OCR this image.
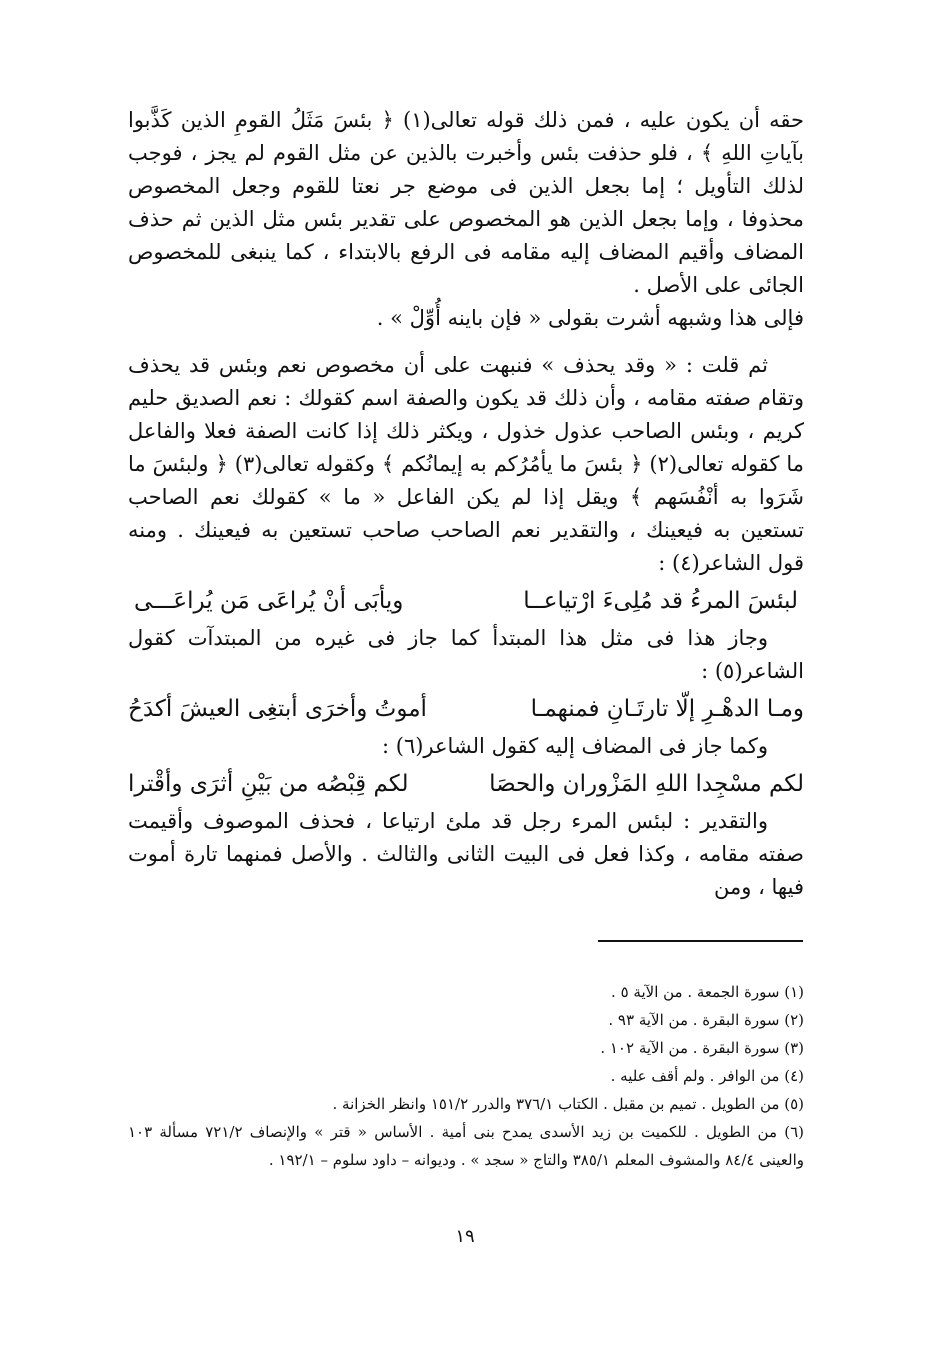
حقه أن يكون عليه ، فمن ذلك قوله تعالى(١) ﴿ بئسَ مَثَلُ القومِ الذين كَذَّبوا بآياتِ اللهِ ﴾ ، فلو حذفت بئس وأخبرت بالذين عن مثل القوم لم يجز ، فوجب لذلك التأويل ؛ إما بجعل الذين فى موضع جر نعتا للقوم وجعل المخصوص محذوفا ، وإما بجعل الذين هو المخصوص على تقدير بئس مثل الذين ثم حذف المضاف وأقيم المضاف إليه مقامه فى الرفع بالابتداء ، كما ينبغى للمخصوص الجائى على الأصل .

فإلى هذا وشبهه أشرت بقولى « فإن باينه أُوِّلْ » .

ثم قلت : « وقد يحذف » فنبهت على أن مخصوص نعم وبئس قد يحذف وتقام صفته مقامه ، وأن ذلك قد يكون والصفة اسم كقولك : نعم الصديق حليم كريم ، وبئس الصاحب عذول خذول ، ويكثر ذلك إذا كانت الصفة فعلا والفاعل ما كقوله تعالى(٢) ﴿ بئسَ ما يأمُرُكم به إيمانُكم ﴾ وكقوله تعالى(٣) ﴿ ولبئسَ ما شَرَوا به أنْفُسَهم ﴾ ويقل إذا لم يكن الفاعل « ما » كقولك نعم الصاحب تستعين به فيعينك ، والتقدير نعم الصاحب صاحب تستعين به فيعينك . ومنه قول الشاعر(٤) :

لبئسَ المرءُ قد مُلِىءَ ارْتياعــا
ويأبَى أنْ يُراعَى مَن يُراعَـــى

وجاز هذا فى مثل هذا المبتدأ كما جاز فى غيره من المبتدآت كقول الشاعر(٥) :

ومـا الدهْـرِ إلّا تارتَـانِ فمنهمـا
أموتُ وأخرَى أبتغِى العيشَ أكدَحُ

وكما جاز فى المضاف إليه كقول الشاعر(٦) :

لكم مسْجِدا اللهِ المَزْوران والحصَا
لكم قِبْصُه من بَيْنِ أثرَى وأقْترا

والتقدير : لبئس المرء رجل قد ملئ ارتياعا ، فحذف الموصوف وأقيمت صفته مقامه ، وكذا فعل فى البيت الثانى والثالث . والأصل فمنهما تارة أموت فيها ، ومن

(١) سورة الجمعة . من الآية ٥ .

(٢) سورة البقرة . من الآية ٩٣ .

(٣) سورة البقرة . من الآية ١٠٢ .

(٤) من الوافر . ولم أقف عليه .

(٥) من الطويل . تميم بن مقبل . الكتاب ٣٧٦/١ والدرر ١٥١/٢ وانظر الخزانة .

(٦) من الطويل . للكميت بن زيد الأسدى يمدح بنى أمية . الأساس « قتر » والإنصاف ٧٢١/٢ مسألة ١٠٣ والعينى ٨٤/٤ والمشوف المعلم ٣٨٥/١ والتاج « سجد » . وديوانه – داود سلوم – ١٩٢/١ .

١٩
